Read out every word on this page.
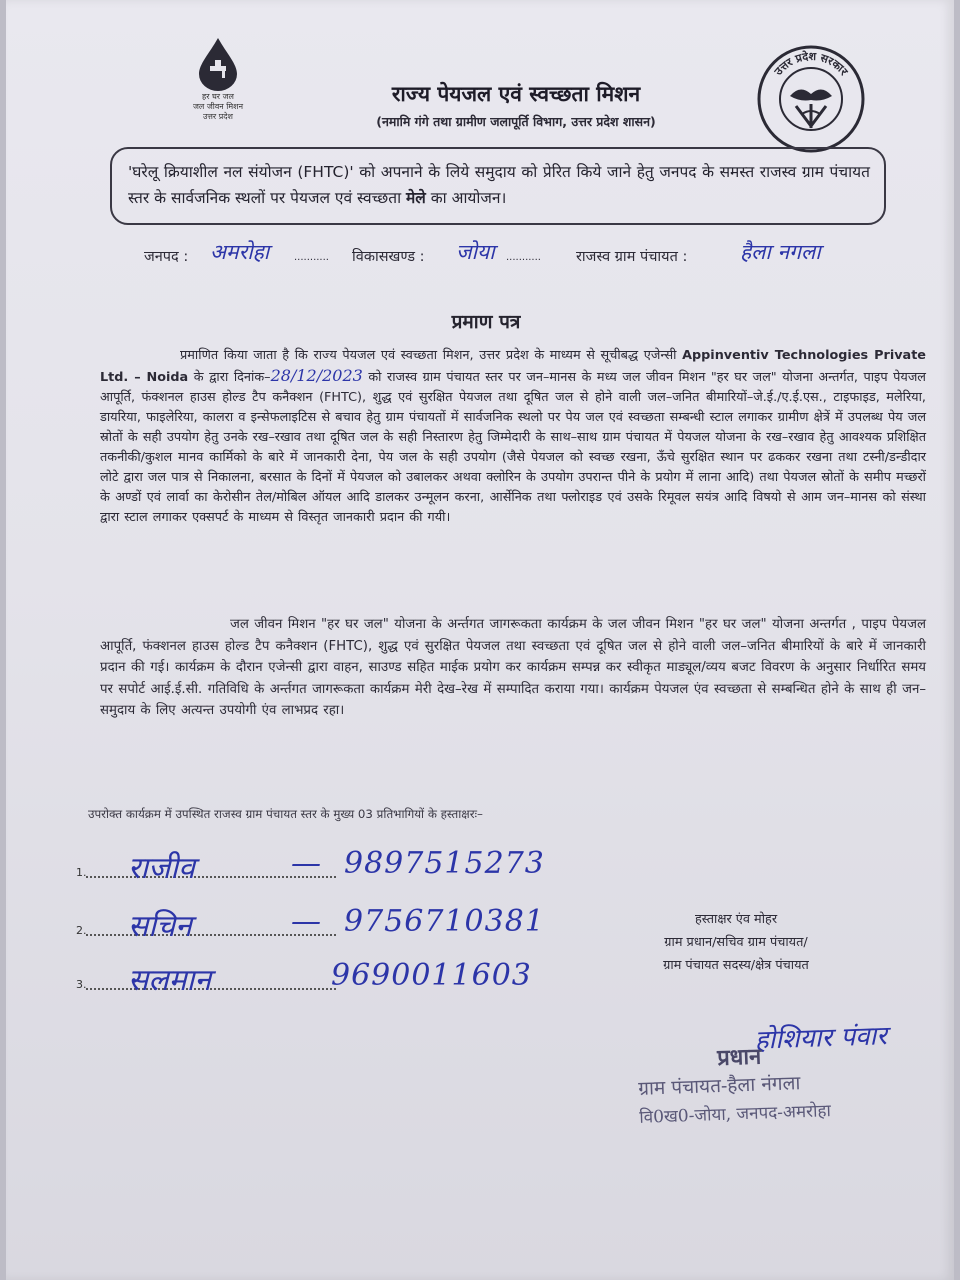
हर घर जल
जल जीवन मिशन
उत्तर प्रदेश
उत्तर प्रदेश सरकार
राज्य पेयजल एवं स्वच्छता मिशन
(नमामि गंगे तथा ग्रामीण जलापूर्ति विभाग, उत्तर प्रदेश शासन)
'घरेलू क्रियाशील नल संयोजन (FHTC)' को अपनाने के लिये समुदाय को प्रेरित किये जाने हेतु जनपद के समस्त राजस्व ग्राम पंचायत स्तर के सार्वजनिक स्थलों पर पेयजल एवं स्वच्छता मेले का आयोजन।
जनपद : अमरोहा ........... विकासखण्ड : जोया ........... राजस्व ग्राम पंचायत :	हैला नगला
प्रमाण पत्र
प्रमाणित किया जाता है कि राज्य पेयजल एवं स्वच्छता मिशन, उत्तर प्रदेश के माध्यम से सूचीबद्ध एजेन्सी Appinventiv Technologies Private Ltd. – Noida के द्वारा दिनांक–28/12/2023 को राजस्व ग्राम पंचायत स्तर पर जन–मानस के मध्य जल जीवन मिशन "हर घर जल" योजना अन्तर्गत, पाइप पेयजल आपूर्ति, फंक्शनल हाउस होल्ड टैप कनैक्शन (FHTC), शुद्ध एवं सुरक्षित पेयजल तथा दूषित जल से होने वाली जल–जनित बीमारियों–जे.ई./ए.ई.एस., टाइफाइड, मलेरिया, डायरिया, फाइलेरिया, कालरा व इन्सेफलाइटिस से बचाव हेतु ग्राम पंचायतों में सार्वजनिक स्थलो पर पेय जल एवं स्वच्छता सम्बन्धी स्टाल लगाकर ग्रामीण क्षेत्रें में उपलब्ध पेय जल स्रोतों के सही उपयोग हेतु उनके रख–रखाव तथा दूषित जल के सही निस्तारण हेतु जिम्मेदारी के साथ–साथ ग्राम पंचायत में पेयजल योजना के रख–रखाव हेतु आवश्यक प्रशिक्षित तकनीकी/कुशल मानव कार्मिको के बारे में जानकारी देना, पेय जल के सही उपयोग (जैसे पेयजल को स्वच्छ रखना, ऊँचे सुरक्षित स्थान पर ढककर रखना तथा टस्नी/डन्डीदार लोटे द्वारा जल पात्र से निकालना, बरसात के दिनों में पेयजल को उबालकर अथवा क्लोरिन के उपयोग उपरान्त पीने के प्रयोग में लाना आदि) तथा पेयजल स्रोतों के समीप मच्छरों के अण्डों एवं लार्वा का केरोसीन तेल/मोबिल ऑयल आदि डालकर उन्मूलन करना, आर्सेनिक तथा फ्लोराइड एवं उसके रिमूवल सयंत्र आदि विषयो से आम जन–मानस को संस्था द्वारा स्टाल लगाकर एक्सपर्ट के माध्यम से विस्तृत जानकारी प्रदान की गयी।
जल जीवन मिशन "हर घर जल" योजना के अर्न्तगत जागरूकता कार्यक्रम के जल जीवन मिशन "हर घर जल" योजना अन्तर्गत , पाइप पेयजल आपूर्ति, फंक्शनल हाउस होल्ड टैप कनैक्शन (FHTC), शुद्ध एवं सुरक्षित पेयजल तथा स्वच्छता एवं दूषित जल से होने वाली जल–जनित बीमारियों के बारे में जानकारी प्रदान की गई। कार्यक्रम के दौरान एजेन्सी द्वारा वाहन, साउण्ड सहित माईक प्रयोग कर कार्यक्रम सम्पन्न कर स्वीकृत माड्यूल/व्यय बजट विवरण के अनुसार निर्धारित समय पर सपोर्ट आई.ई.सी. गतिविधि के अर्न्तगत जागरूकता कार्यक्रम मेरी देख–रेख में सम्पादित कराया गया। कार्यक्रम पेयजल एंव स्वच्छता से सम्बन्धित होने के साथ ही जन–समुदाय के लिए अत्यन्त उपयोगी एंव लाभप्रद रहा।
उपरोक्त कार्यक्रम में उपस्थित राजस्व ग्राम पंचायत स्तर के मुख्य 03 प्रतिभागियों के हस्ताक्षरः–
1. राजीव	— 9897515273
2. सचिन	— 9756710381
3. सलमान	9690011603
हस्ताक्षर एंव मोहर
ग्राम प्रधान/सचिव ग्राम पंचायत/
ग्राम पंचायत सदस्य/क्षेत्र पंचायत
होशियार पंवार
प्रधान
ग्राम पंचायत-हैला नंगला
वि0ख0-जोया, जनपद-अमरोहा
